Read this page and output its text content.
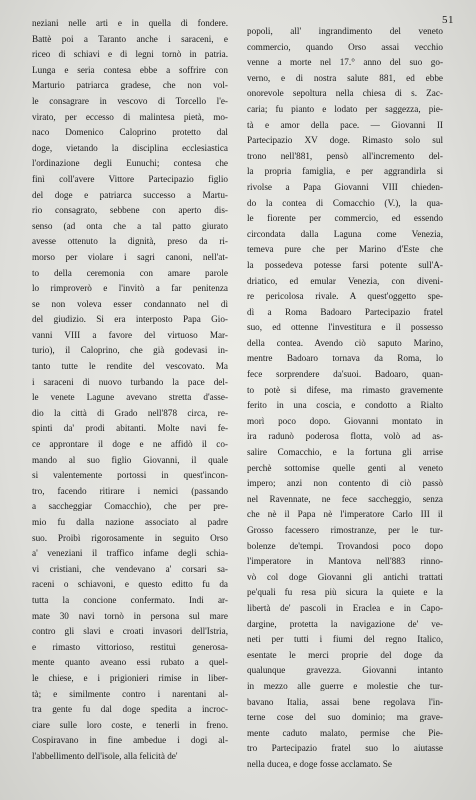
51
neziani nelle arti e in quella di fondere.
Battè poi a Taranto anche i saraceni, e
riceo di schiavi e di legni tornò in patria.
Lunga e seria contesa ebbe a soffrire con
Marturio patriarca gradese, che non vol-
le consagrare in vescovo di Torcello l'e-
virato, per eccesso di malintesa pietà, mo-
naco Domenico Caloprino protetto dal
doge, vietando la disciplina ecclesiastica
l'ordinazione degli Eunuchi; contesa che
finì coll'avere Vittore Partecipazio figlio
del doge e patriarca successo a Martu-
rio consagrato, sebbene con aperto dis-
senso (ad onta che a tal patto giurato
avesse ottenuto la dignità, preso da ri-
morso per violare i sagri canoni, nell'at-
to della ceremonia con amare parole
lo rimproverò e l'invitò a far penitenza
se non voleva esser condannato nel dì
del giudizio. Si era interposto Papa Gio-
vanni VIII a favore del virtuoso Mar-
turio), il Caloprino, che già godevasi in-
tanto tutte le rendite del vescovato. Ma
i saraceni di nuovo turbando la pace del-
le venete Lagune avevano stretta d'asse-
dio la città di Grado nell'878 circa, re-
spinti da' prodi abitanti. Molte navi fe-
ce approntare il doge e ne affidò il co-
mando al suo figlio Giovanni, il quale
si valentemente portossi in quest'incon-
tro, facendo ritirare i nemici (passando
a saccheggiar Comacchio), che per pre-
mio fu dalla nazione associato al padre
suo. Proibì rigorosamente in seguito Orso
a' veneziani il traffico infame degli schia-
vi cristiani, che vendevano a' corsari sa-
raceni o schiavoni, e questo editto fu da
tutta la concione confermato. Indi ar-
mate 30 navi tornò in persona sul mare
contro gli slavi e croati invasori dell'Istria,
e rimasto vittorioso, restituì generosa-
mente quanto aveano essi rubato a quel-
le chiese, e i prigionieri rimise in liber-
tà; e similmente contro i narentani al-
tra gente fu dal doge spedita a incroc-
ciare sulle loro coste, e tenerli in freno.
Cospiravano in fine ambedue i dogi al-
l'abbellimento dell'isole, alla felicità de'
popoli, all' ingrandimento del veneto
commercio, quando Orso assai vecchio
venne a morte nel 17.° anno del suo go-
verno, e di nostra salute 881, ed ebbe
onorevole sepoltura nella chiesa di s. Zac-
caria; fu pianto e lodato per saggezza, pie-
tà e amor della pace. — Giovanni II
Partecipazio XV doge. Rimasto solo sul
trono nell'881, pensò all'incremento del-
la propria famiglia, e per aggrandirla si
rivolse a Papa Giovanni VIII chieden-
do la contea di Comacchio (V.), la qua-
le fiorente per commercio, ed essendo
circondata dalla Laguna come Venezia,
temeva pure che per Marino d'Este che
la possedeva potesse farsi potente sull'A-
driatico, ed emular Venezia, con diveni-
re pericolosa rivale. A quest'oggetto spe-
dì a Roma Badoaro Partecipazio fratel
suo, ed ottenne l'investitura e il possesso
della contea. Avendo ciò saputo Marino,
mentre Badoaro tornava da Roma, lo
fece sorprendere da'suoi. Badoaro, quan-
to potè si difese, ma rimasto gravemente
ferito in una coscia, e condotto a Rialto
morì poco dopo. Giovanni montato in
ira radunò poderosa flotta, volò ad as-
salire Comacchio, e la fortuna gli arrise
perchè sottomise quelle genti al veneto
impero; anzi non contento di ciò passò
nel Ravennate, ne fece saccheggio, senza
che nè il Papa nè l'imperatore Carlo III il
Grosso facessero rimostranze, per le tur-
bolenze de'tempi. Trovandosi poco dopo
l'imperatore in Mantova nell'883 rinno-
vò col doge Giovanni gli antichi trattati
pe'quali fu resa più sicura la quiete e la
libertà de' pascoli in Eraclea e in Capo-
dargine, protetta la navigazione de' ve-
neti per tutti i fiumi del regno Italico,
esentate le merci proprie del doge da
qualunque gravezza. Giovanni intanto
in mezzo alle guerre e molestie che tur-
bavano Italia, assai bene regolava l'in-
terne cose del suo dominio; ma grave-
mente caduto malato, permise che Pie-
tro Partecipazio fratel suo lo aiutasse
nella ducea, e doge fosse acclamato. Se
